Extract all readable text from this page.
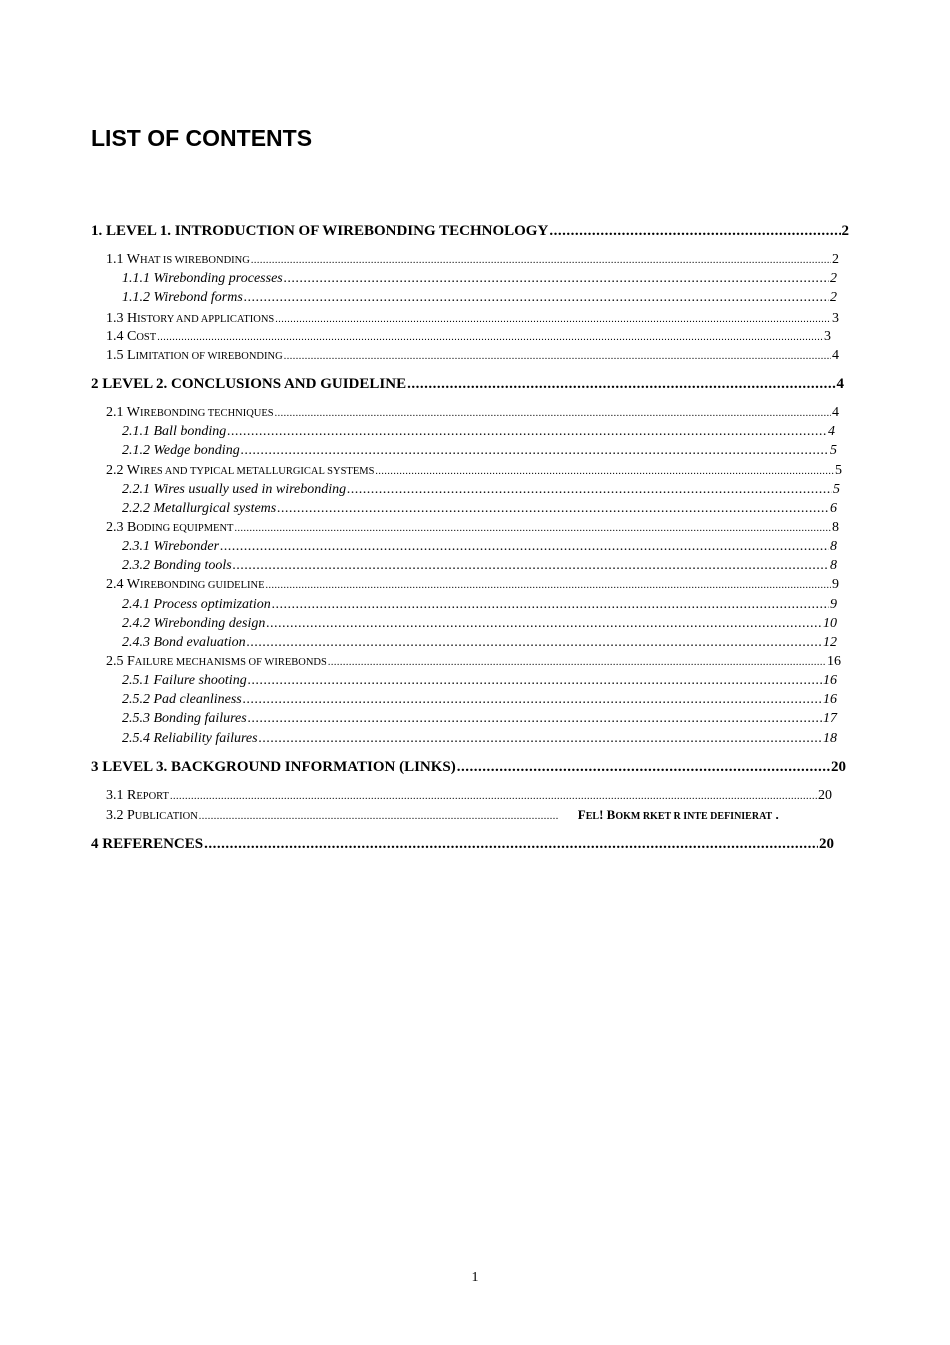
LIST OF CONTENTS
1. LEVEL 1. INTRODUCTION OF WIREBONDING TECHNOLOGY .....	2
1.1 WHAT IS WIREBONDING .....	2
1.1.1 Wirebonding processes .....	2
1.1.2 Wirebond forms .....	2
1.3 HISTORY AND APPLICATIONS .....	3
1.4 COST .....	3
1.5 LIMITATION OF WIREBONDING .....	4
2 LEVEL 2. CONCLUSIONS AND GUIDELINE .....	4
2.1 WIREBONDING TECHNIQUES .....	4
2.1.1 Ball bonding .....	4
2.1.2 Wedge bonding .....	5
2.2 WIRES AND TYPICAL METALLURGICAL SYSTEMS .....	5
2.2.1 Wires usually used in wirebonding .....	5
2.2.2 Metallurgical systems .....	6
2.3 BODING EQUIPMENT .....	8
2.3.1 Wirebonder .....	8
2.3.2 Bonding tools .....	8
2.4 WIREBONDING GUIDELINE .....	9
2.4.1 Process optimization .....	9
2.4.2 Wirebonding design .....	10
2.4.3 Bond evaluation .....	12
2.5 FAILURE MECHANISMS OF WIREBONDS .....	16
2.5.1 Failure shooting .....	16
2.5.2 Pad cleanliness .....	16
2.5.3 Bonding failures .....	17
2.5.4 Reliability failures .....	18
3 LEVEL 3. BACKGROUND INFORMATION (LINKS) .....	20
3.1 REPORT .....	20
3.2 PUBLICATION .....	FEL! BOKM RKET R INTE DEFINIERAT .
4 REFERENCES .....	20
1
